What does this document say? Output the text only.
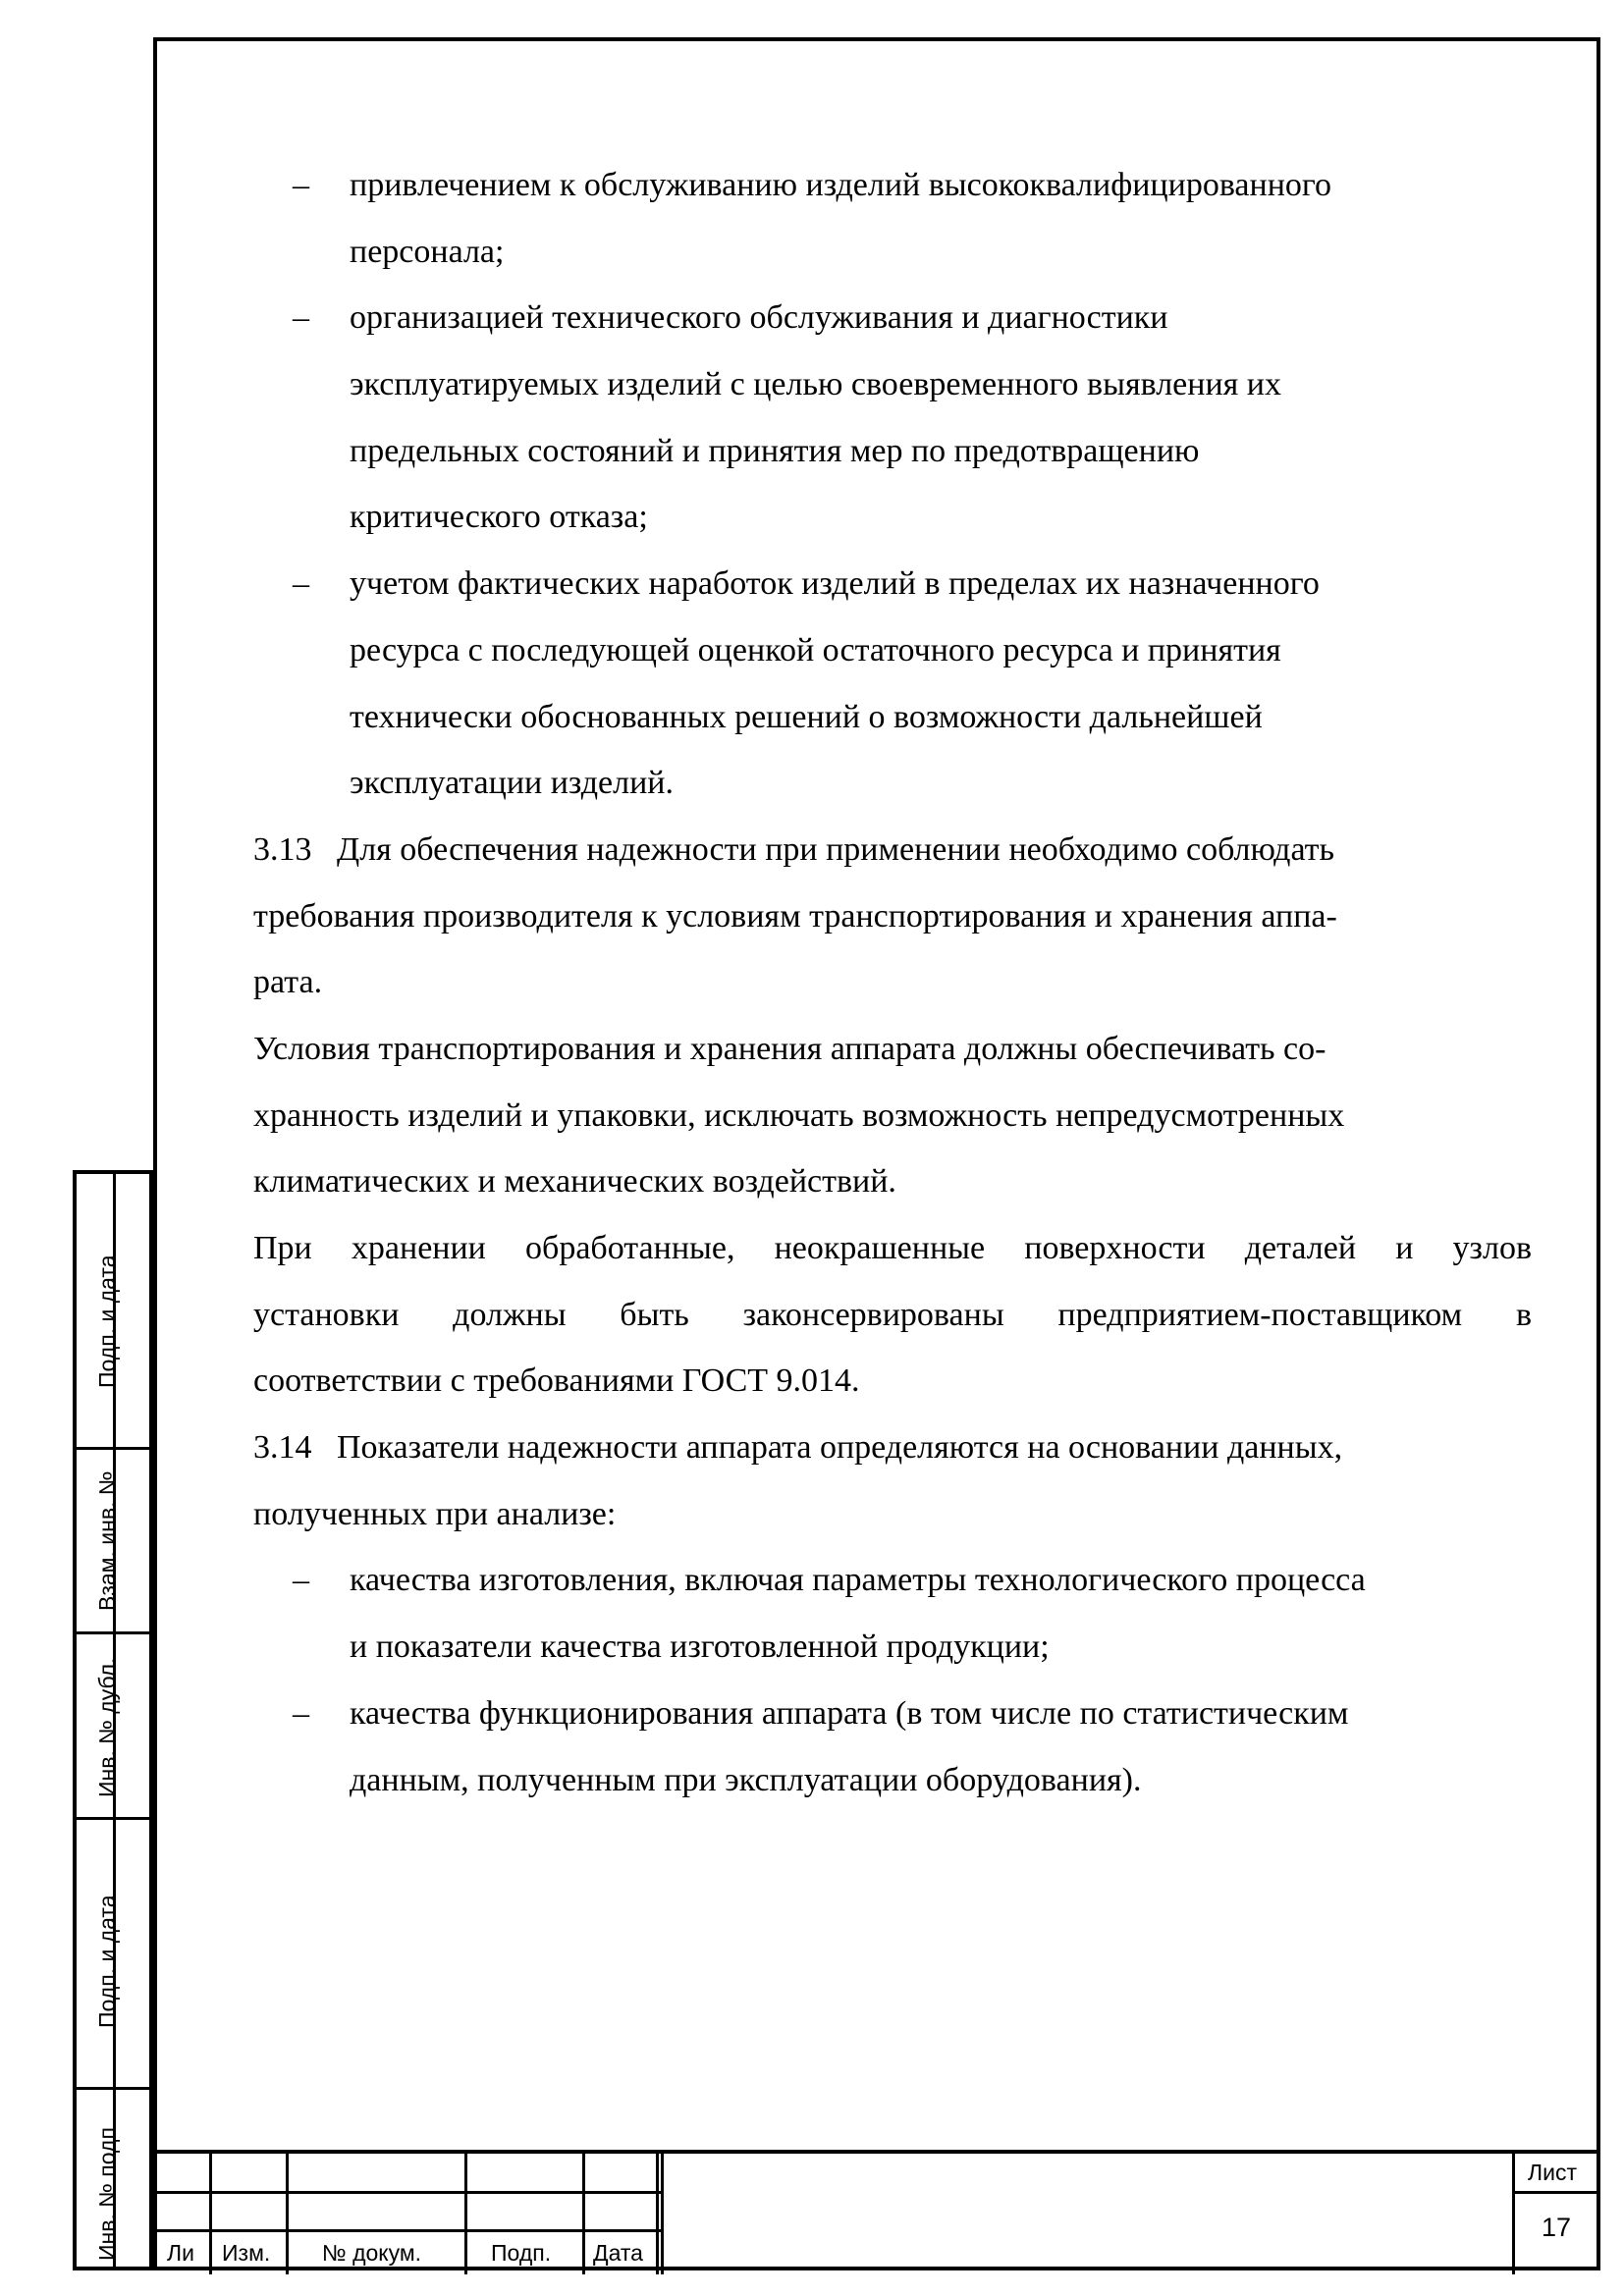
Подп. и дата
Взам. инв. №
Инв. № дубл.
Подп. и дата
Инв. № подп
– привлечением к обслуживанию изделий высококвалифицированного
персонала;
– организацией технического обслуживания и диагностики
эксплуатируемых изделий с целью своевременного выявления их
предельных состояний и принятия мер по предотвращению
критического отказа;
– учетом фактических наработок изделий в пределах их назначенного
ресурса с последующей оценкой остаточного ресурса и принятия
технически обоснованных решений о возможности дальнейшей
эксплуатации изделий.
3.13   Для обеспечения надежности при применении необходимо соблюдать
требования производителя к условиям транспортирования и хранения аппа-
рата.
Условия транспортирования и хранения аппарата должны обеспечивать со-
хранность изделий и упаковки, исключать возможность непредусмотренных
климатических и механических воздействий.
При хранении обработанные, неокрашенные поверхности деталей и узлов
установки должны быть законсервированы предприятием-поставщиком в
соответствии с требованиями ГОСТ 9.014.
3.14   Показатели надежности аппарата определяются на основании данных,
полученных при анализе:
– качества изготовления, включая параметры технологического процесса
и показатели качества изготовленной продукции;
– качества функционирования аппарата (в том числе по статистическим
данным, полученным при эксплуатации оборудования).
Ли Изм. № докум.	Подп. Дата
Лист
17
